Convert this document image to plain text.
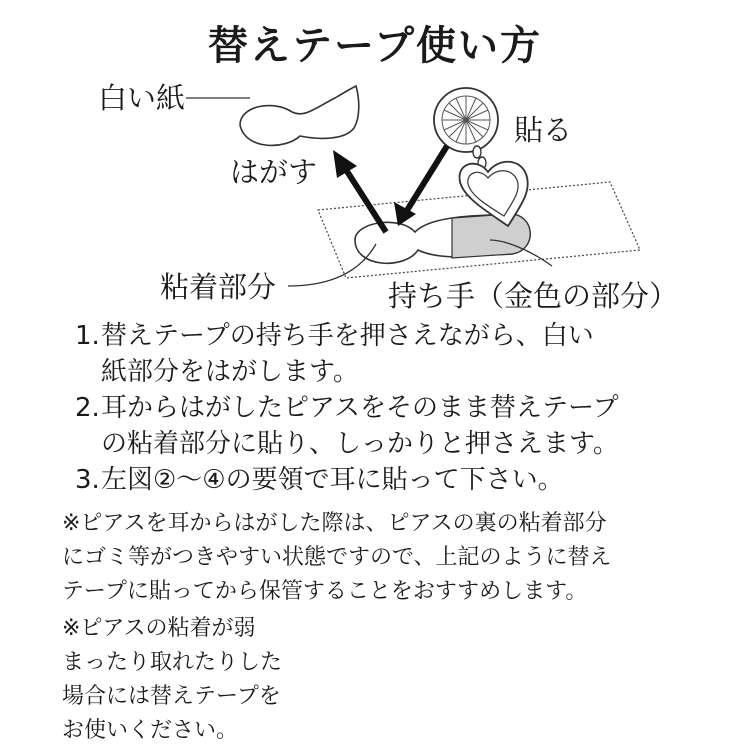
替えテープ使い方
白い紙
はがす
貼る
粘着部分	持ち手（金色の部分）
1. 替えテープの持ち手を押さえながら、白い
紙部分をはがします。
2. 耳からはがしたピアスをそのまま替えテープ
の粘着部分に貼り、しっかりと押さえます。
3. 左図②〜④の要領で耳に貼って下さい。
※ピアスを耳からはがした際は、ピアスの裏の粘着部分
にゴミ等がつきやすい状態ですので、上記のように替え
テープに貼ってから保管することをおすすめします。
※ピアスの粘着が弱
まったり取れたりした
場合には替えテープを
お使いください。
